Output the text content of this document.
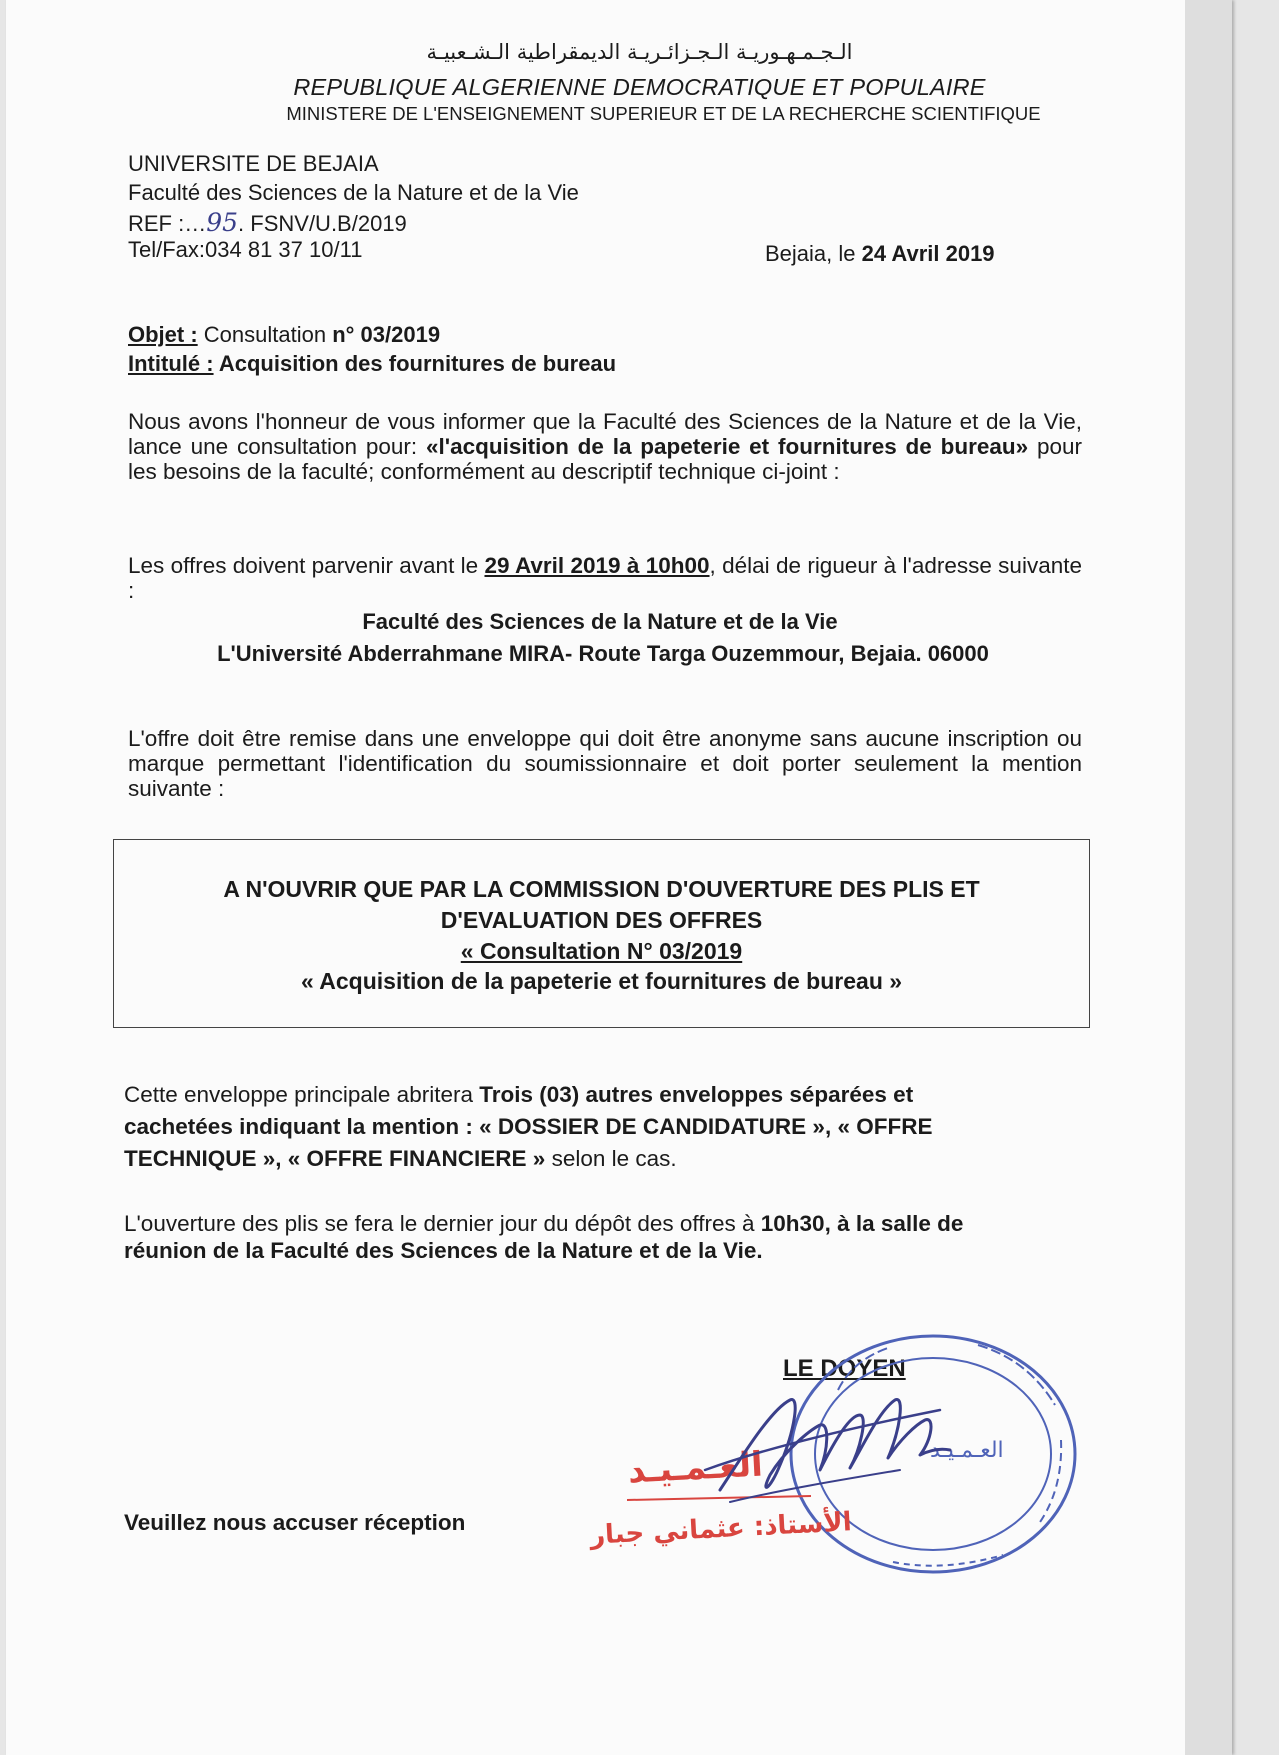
الـجـمـهـوريـة الـجـزائـريـة الديمقراطية الـشـعبيـة
REPUBLIQUE ALGERIENNE DEMOCRATIQUE ET POPULAIRE
MINISTERE DE L'ENSEIGNEMENT SUPERIEUR ET DE LA RECHERCHE SCIENTIFIQUE
UNIVERSITE DE BEJAIA
Faculté des Sciences de la Nature et de la Vie
REF :…95. FSNV/U.B/2019
Tel/Fax:034 81 37 10/11	Bejaia, le 24 Avril 2019
Objet : Consultation n° 03/2019
Intitulé : Acquisition des fournitures de bureau

Nous avons l'honneur de vous informer que la Faculté des Sciences de la Nature et de la Vie, lance une consultation pour: «l'acquisition de la papeterie et fournitures de bureau» pour les besoins de la faculté; conformément au descriptif technique ci-joint :

Les offres doivent parvenir avant le 29 Avril 2019 à 10h00, délai de rigueur à l'adresse suivante :

Faculté des Sciences de la Nature et de la Vie
L'Université Abderrahmane MIRA- Route Targa Ouzemmour, Bejaia. 06000

L'offre doit être remise dans une enveloppe qui doit être anonyme sans aucune inscription ou marque permettant l'identification du soumissionnaire et doit porter seulement la mention suivante :

A N'OUVRIR QUE PAR LA COMMISSION D'OUVERTURE DES PLIS ET
D'EVALUATION DES OFFRES
« Consultation N° 03/2019
« Acquisition de la papeterie et fournitures de bureau »
Cette enveloppe principale abritera Trois (03) autres enveloppes séparées et
cachetées indiquant la mention : « DOSSIER DE CANDIDATURE », « OFFRE
TECHNIQUE », « OFFRE FINANCIERE » selon le cas.
L'ouverture des plis se fera le dernier jour du dépôt des offres à 10h30, à la salle de
réunion de la Faculté des Sciences de la Nature et de la Vie.
LE DOYEN
العـمـيـد
العـمـيـد
الأستاذ: عثماني جبار
Veuillez nous accuser réception
